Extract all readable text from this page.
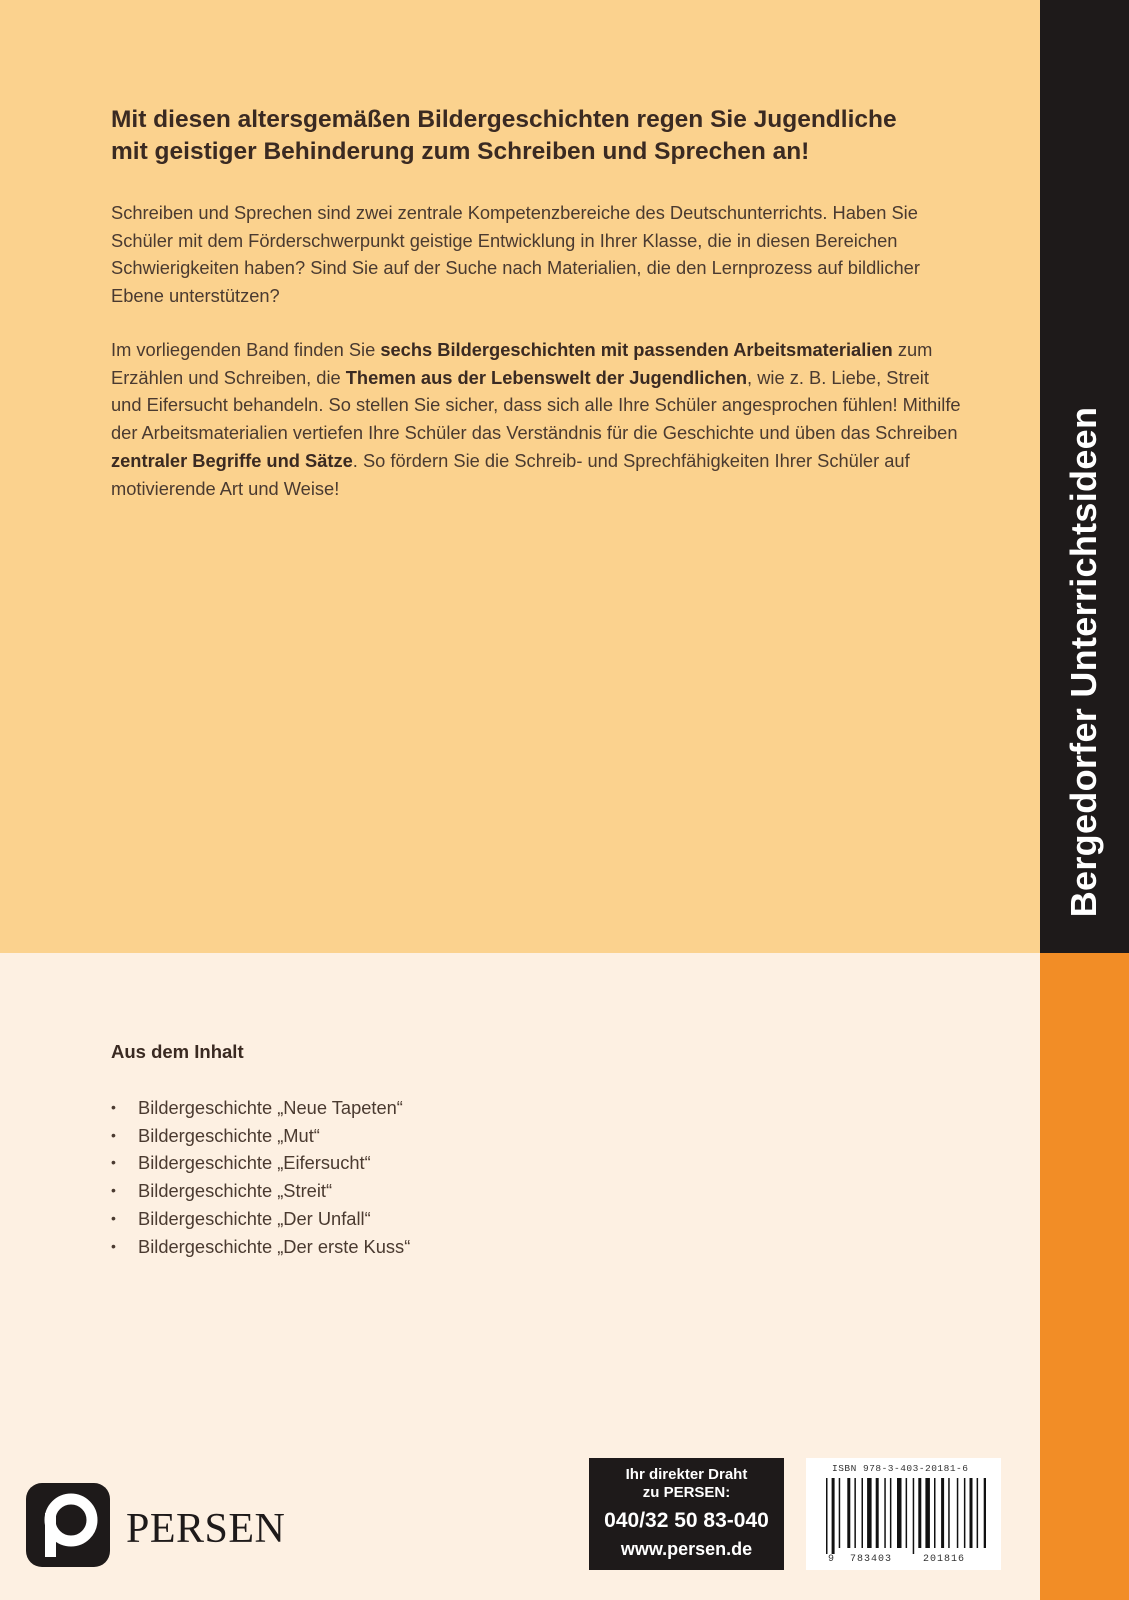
Bergedorfer Unterrichtsideen
Mit diesen altersgemäßen Bildergeschichten regen Sie Jugendliche mit geistiger Behinderung zum Schreiben und Sprechen an!

Schreiben und Sprechen sind zwei zentrale Kompetenzbereiche des Deutschunterrichts. Haben Sie Schüler mit dem Förderschwerpunkt geistige Entwicklung in Ihrer Klasse, die in diesen Bereichen Schwierigkeiten haben? Sind Sie auf der Suche nach Materialien, die den Lernprozess auf bildlicher Ebene unterstützen?

Im vorliegenden Band finden Sie sechs Bildergeschichten mit passenden Arbeitsmaterialien zum Erzählen und Schreiben, die Themen aus der Lebenswelt der Jugendlichen, wie z. B. Liebe, Streit und Eifersucht behandeln. So stellen Sie sicher, dass sich alle Ihre Schüler angesprochen fühlen! Mithilfe der Arbeitsmaterialien vertiefen Ihre Schüler das Verständnis für die Geschichte und üben das Schreiben zentraler Begriffe und Sätze. So fördern Sie die Schreib- und Sprechfähigkeiten Ihrer Schüler auf motivierende Art und Weise!

Aus dem Inhalt
• Bildergeschichte „Neue Tapeten“
• Bildergeschichte „Mut“
• Bildergeschichte „Eifersucht“
• Bildergeschichte „Streit“
• Bildergeschichte „Der Unfall“
• Bildergeschichte „Der erste Kuss“
PERSEN
Ihr direkter Draht
zu PERSEN:
040/32 50 83-040
www.persen.de
ISBN 978-3-403-20181-6
9 783403	201816
